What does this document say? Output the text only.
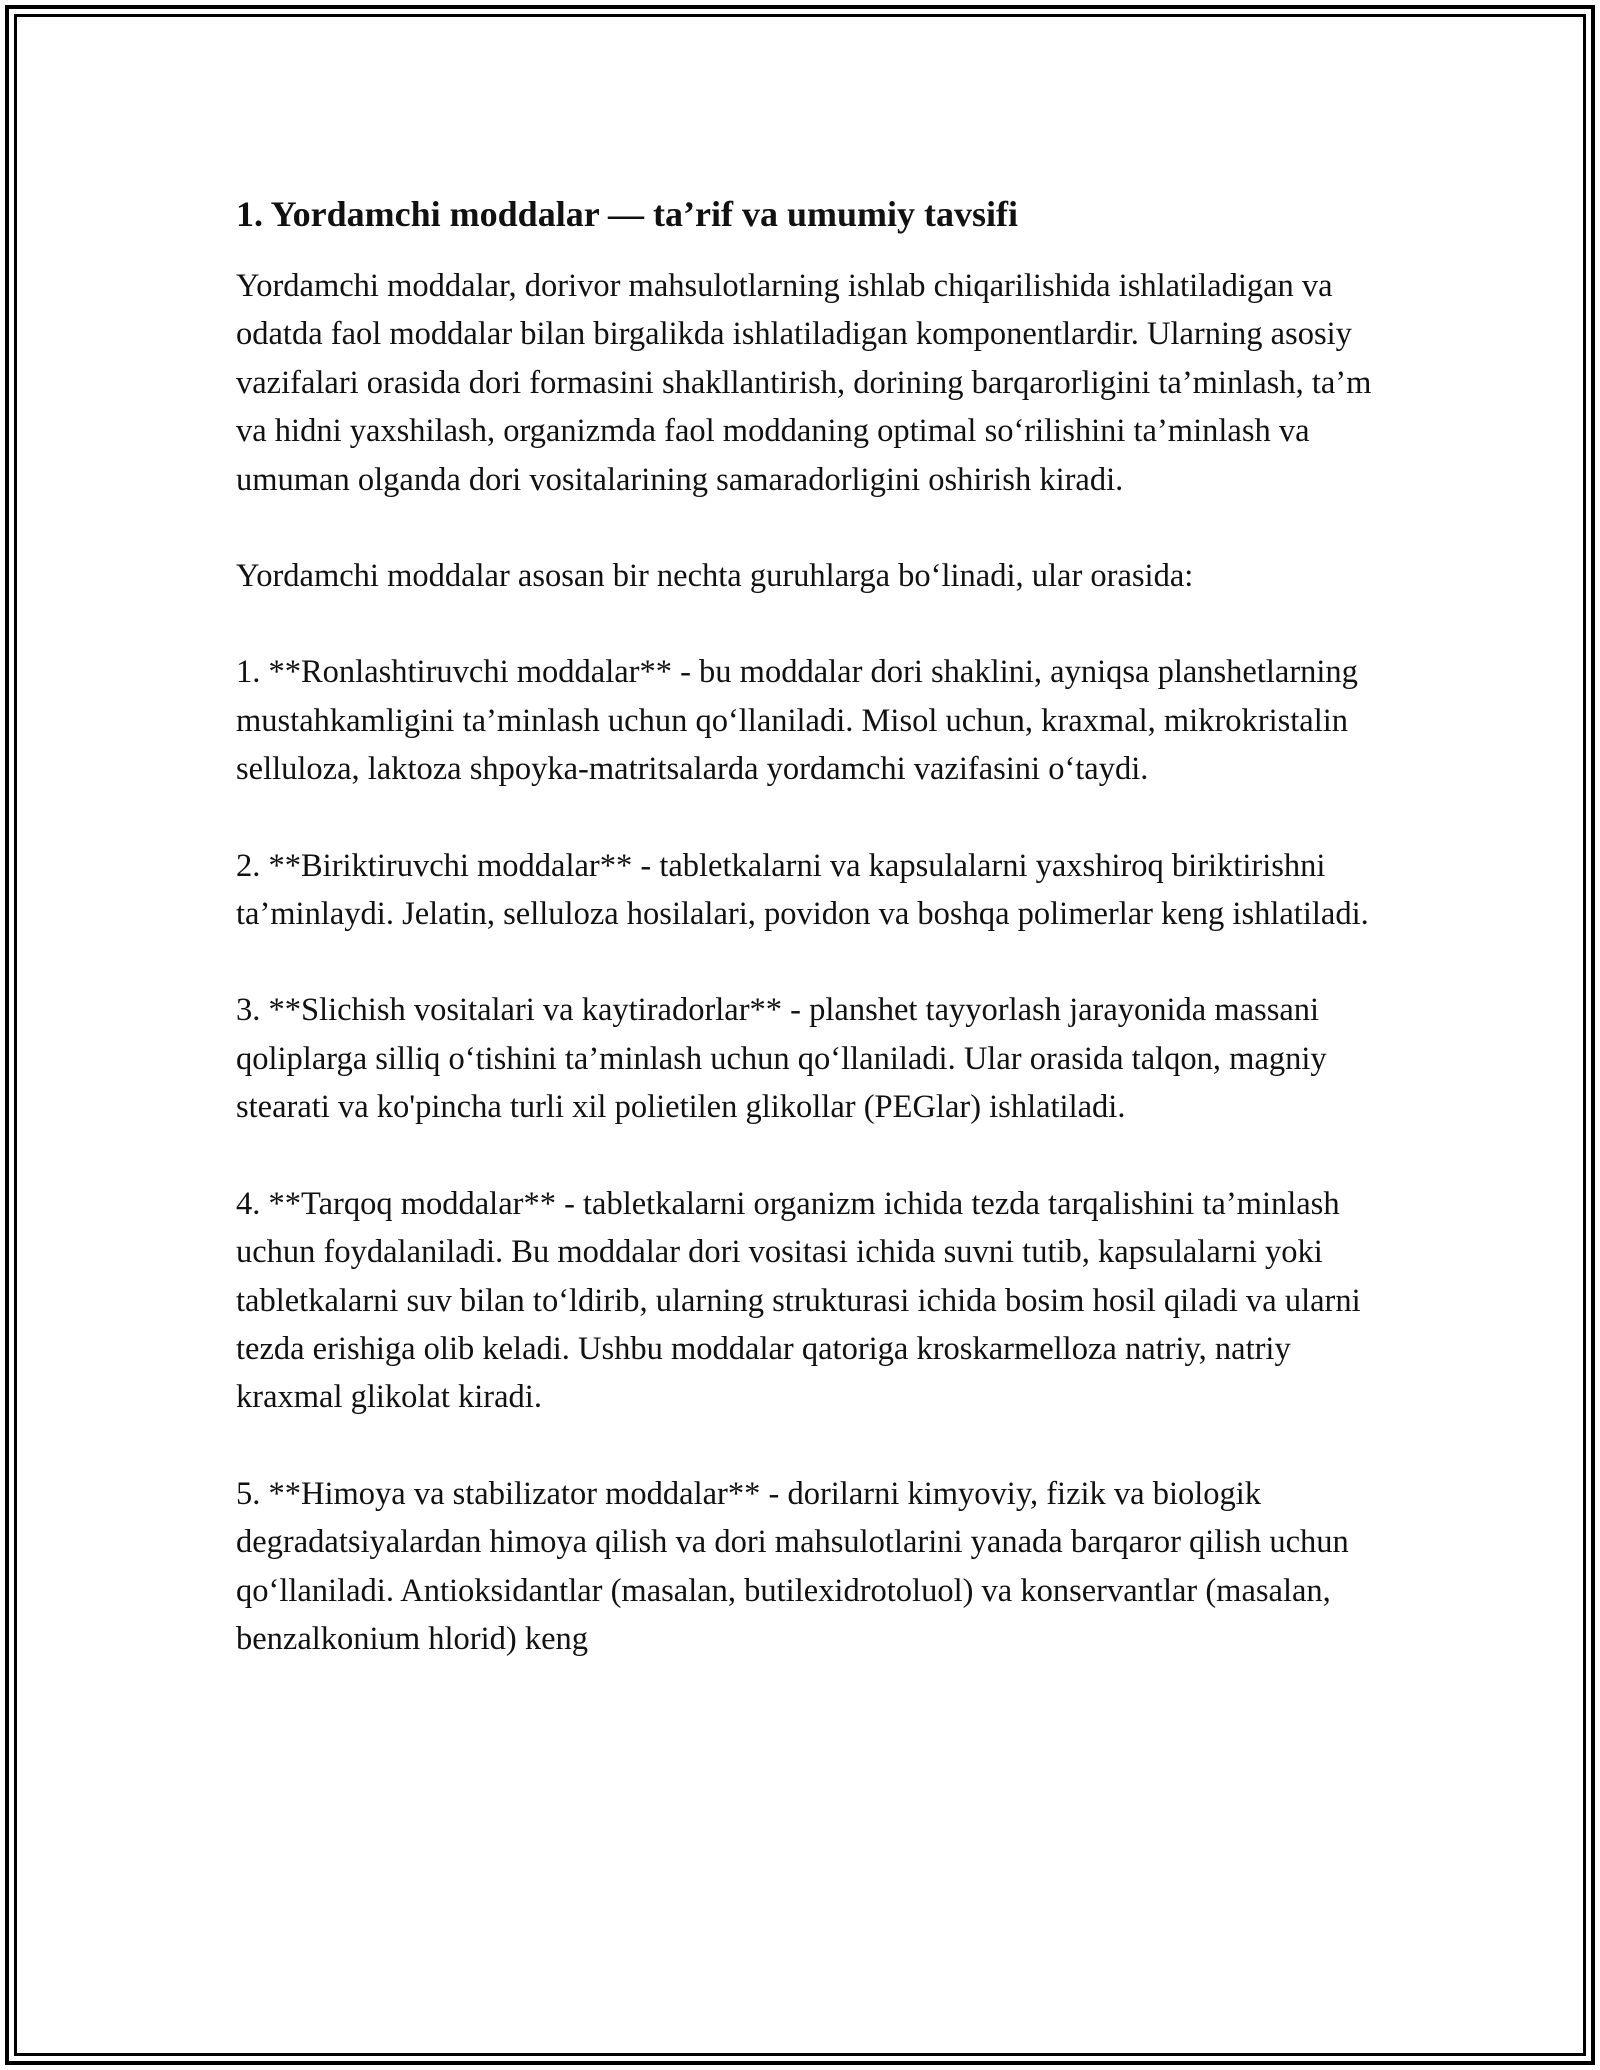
1. Yordamchi moddalar — ta’rif va umumiy tavsifi

Yordamchi moddalar, dorivor mahsulotlarning ishlab chiqarilishida ishlatiladigan va odatda faol moddalar bilan birgalikda ishlatiladigan komponentlardir. Ularning asosiy vazifalari orasida dori formasini shakllantirish, dorining barqarorligini ta’minlash, ta’m va hidni yaxshilash, organizmda faol moddaning optimal so‘rilishini ta’minlash va umuman olganda dori vositalarining samaradorligini oshirish kiradi.

Yordamchi moddalar asosan bir nechta guruhlarga bo‘linadi, ular orasida:

1. **Ronlashtiruvchi moddalar** - bu moddalar dori shaklini, ayniqsa planshetlarning mustahkamligini ta’minlash uchun qo‘llaniladi. Misol uchun, kraxmal, mikrokristalin selluloza, laktoza shpoyka-matritsalarda yordamchi vazifasini o‘taydi.

2. **Biriktiruvchi moddalar** - tabletkalarni va kapsulalarni yaxshiroq biriktirishni ta’minlaydi. Jelatin, selluloza hosilalari, povidon va boshqa polimerlar keng ishlatiladi.

3. **Slichish vositalari va kaytiradorlar** - planshet tayyorlash jarayonida massani qoliplarga silliq o‘tishini ta’minlash uchun qo‘llaniladi. Ular orasida talqon, magniy stearati va ko'pincha turli xil polietilen glikollar (PEGlar) ishlatiladi.

4. **Tarqoq moddalar** - tabletkalarni organizm ichida tezda tarqalishini ta’minlash uchun foydalaniladi. Bu moddalar dori vositasi ichida suvni tutib, kapsulalarni yoki tabletkalarni suv bilan to‘ldirib, ularning strukturasi ichida bosim hosil qiladi va ularni tezda erishiga olib keladi. Ushbu moddalar qatoriga kroskarmelloza natriy, natriy kraxmal glikolat kiradi.

5. **Himoya va stabilizator moddalar** - dorilarni kimyoviy, fizik va biologik degradatsiyalardan himoya qilish va dori mahsulotlarini yanada barqaror qilish uchun qo‘llaniladi. Antioksidantlar (masalan, butilexidrotoluol) va konservantlar (masalan, benzalkonium hlorid) keng
